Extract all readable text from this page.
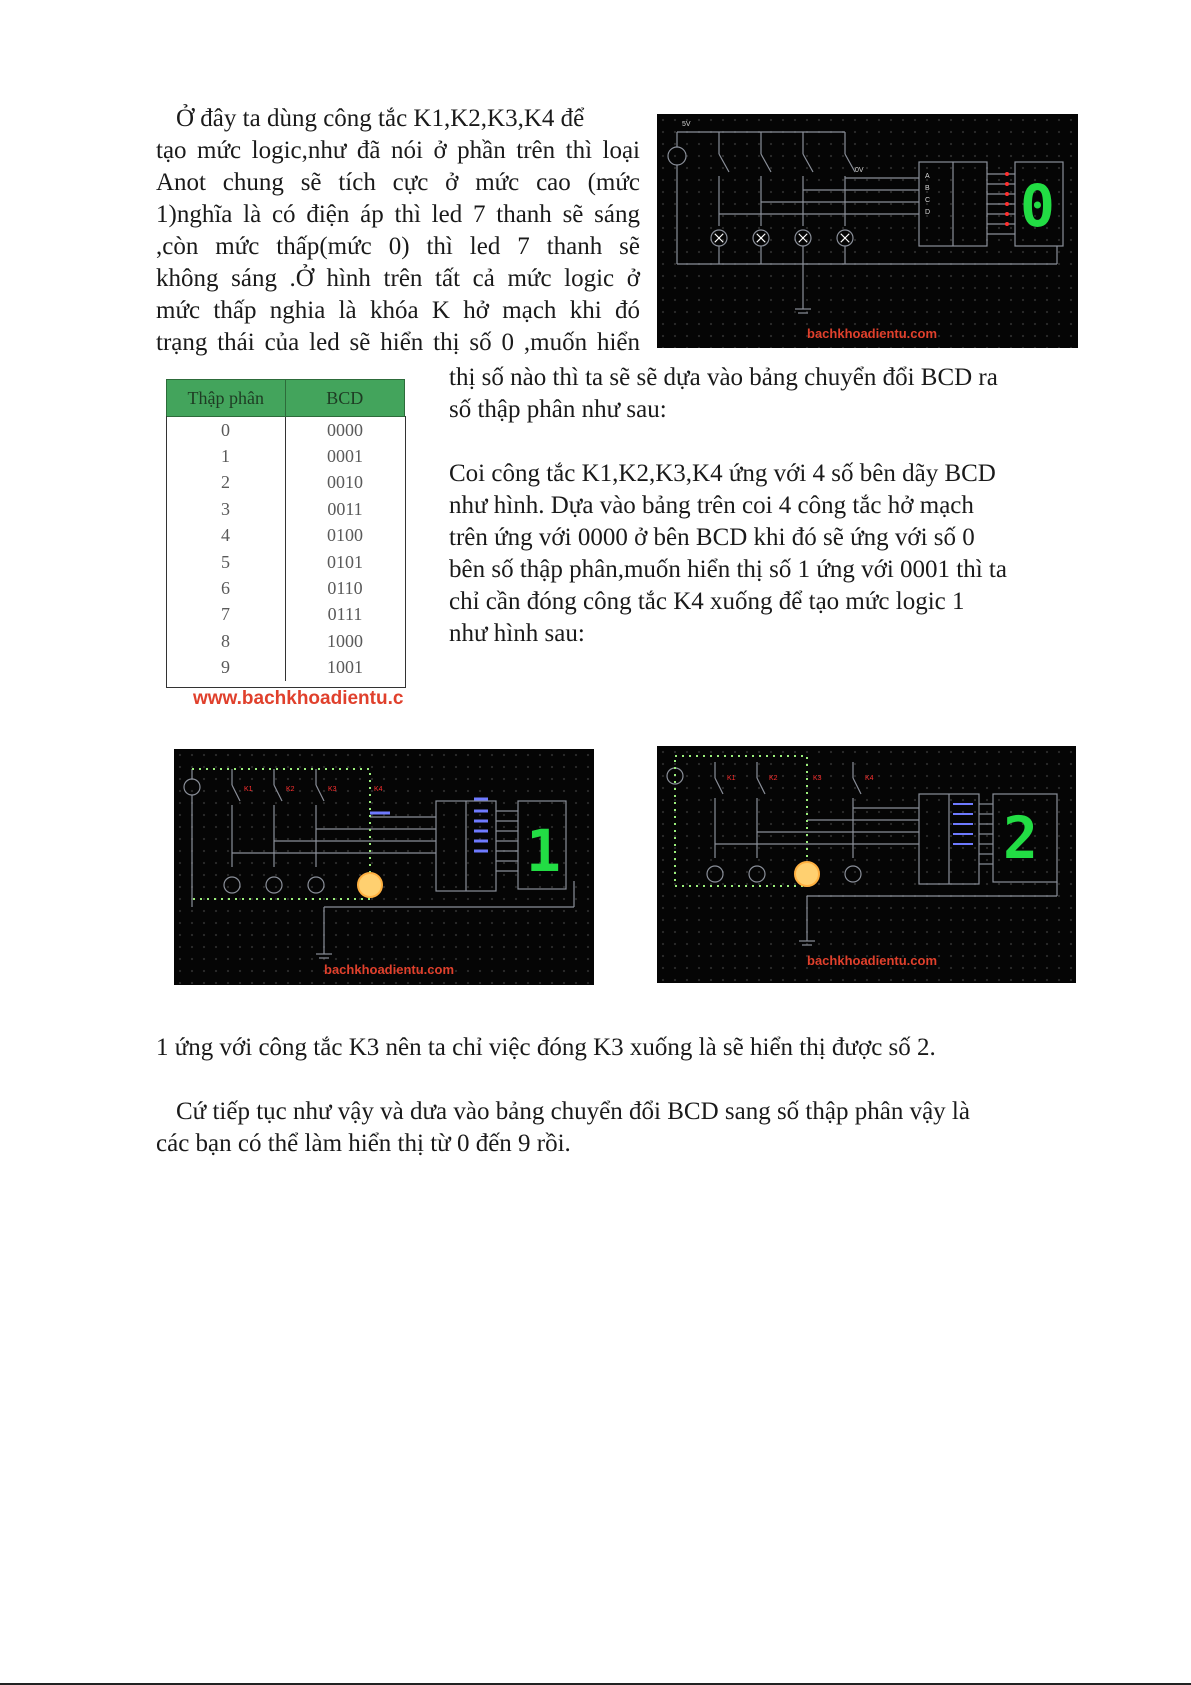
Ở đây ta dùng công tắc K1,K2,K3,K4 để
tạo mức logic,như đã nói ở phần trên thì loại
Anot chung sẽ tích cực ở mức cao (mức
1)nghĩa là có điện áp thì led 7 thanh sẽ sáng
,còn mức thấp(mức 0) thì led 7 thanh sẽ
không sáng .Ở hình trên tất cả mức logic ở
mức thấp nghia là khóa K hở mạch khi đó
trạng thái của led sẽ hiển thị số 0 ,muốn hiển
5V
0V
A
B
C
D 0
bachkhoadientu.com
thị số nào thì ta sẽ sẽ dựa vào bảng chuyển đổi BCD ra
số thập phân như sau:
Thập phân	BCD
0	0000
1	0001
2	0010
3	0011
4	0100
5	0101
6	0110
7	0111
8	1000
9	1001
www.bachkhoadientu.c
Coi công tắc K1,K2,K3,K4 ứng với 4 số bên dãy BCD
như hình. Dựa vào bảng trên coi 4 công tắc hở mạch
trên ứng với 0000 ở bên BCD khi đó sẽ ứng với số 0
bên số thập phân,muốn hiển thị số 1 ứng với 0001 thì ta
chỉ cần đóng công tắc K4 xuống để tạo mức logic 1
như hình sau:
K1	K2	K3	K4
1
bachkhoadientu.com
K1	K2	K3	K4
2
bachkhoadientu.com
1 ứng với công tắc K3 nên ta chỉ việc đóng K3 xuống là sẽ hiển thị được số 2.
Cứ tiếp tục như vậy và dưa vào bảng chuyển đổi BCD sang số thập phân vậy là
các bạn có thể làm hiển thị từ 0 đến 9 rồi.
